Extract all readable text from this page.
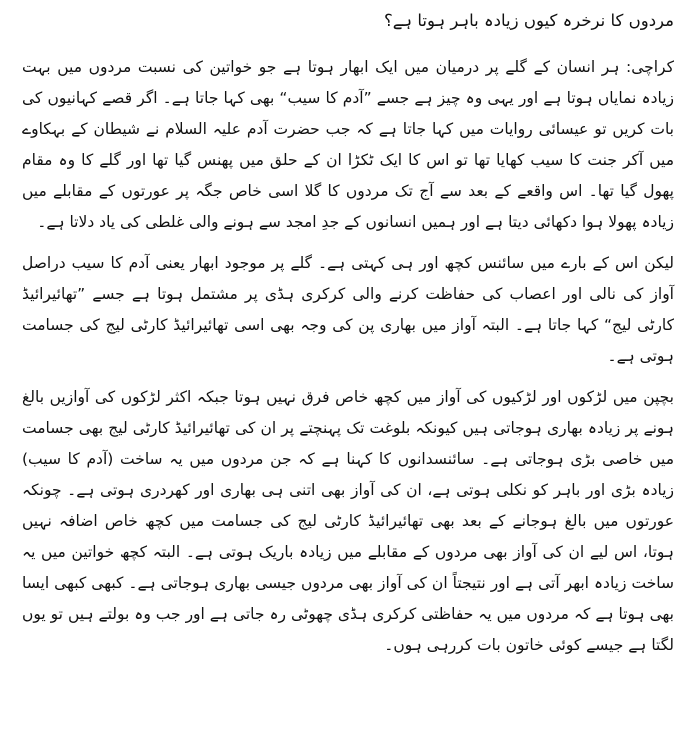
مردوں کا نرخرہ کیوں زیادہ باہر ہوتا ہے؟

کراچی: ہر انسان کے گلے پر درمیان میں ایک ابھار ہوتا ہے جو خواتین کی نسبت مردوں میں بہت زیادہ نمایاں ہوتا ہے اور یہی وہ چیز ہے جسے ”آدم کا سیب“ بھی کہا جاتا ہے۔ اگر قصے کہانیوں کی بات کریں تو عیسائی روایات میں کہا جاتا ہے کہ جب حضرت آدم علیہ السلام نے شیطان کے بہکاوے میں آکر جنت کا سیب کھایا تھا تو اس کا ایک ٹکڑا ان کے حلق میں پھنس گیا تھا اور گلے کا وہ مقام پھول گیا تھا۔ اس واقعے کے بعد سے آج تک مردوں کا گلا اسی خاص جگہ پر عورتوں کے مقابلے میں زیادہ پھولا ہوا دکھائی دیتا ہے اور ہمیں انسانوں کے جدِ امجد سے ہونے والی غلطی کی یاد دلاتا ہے۔

لیکن اس کے بارے میں سائنس کچھ اور ہی کہتی ہے۔ گلے پر موجود ابھار یعنی آدم کا سیب دراصل آواز کی نالی اور اعصاب کی حفاظت کرنے والی کرکری ہڈی پر مشتمل ہوتا ہے جسے ”تھائیرائیڈ کارٹی لیج“ کہا جاتا ہے۔ البتہ آواز میں بھاری پن کی وجہ بھی اسی تھائیرائیڈ کارٹی لیج کی جسامت ہوتی ہے۔

بچپن میں لڑکوں اور لڑکیوں کی آواز میں کچھ خاص فرق نہیں ہوتا جبکہ اکثر لڑکوں کی آوازیں بالغ ہونے پر زیادہ بھاری ہوجاتی ہیں کیونکہ بلوغت تک پہنچتے پر ان کی تھائیرائیڈ کارٹی لیج بھی جسامت میں خاصی بڑی ہوجاتی ہے۔ سائنسدانوں کا کہنا ہے کہ جن مردوں میں یہ ساخت (آدم کا سیب) زیادہ بڑی اور باہر کو نکلی ہوتی ہے، ان کی آواز بھی اتنی ہی بھاری اور کھردری ہوتی ہے۔ چونکہ عورتوں میں بالغ ہوجانے کے بعد بھی تھائیرائیڈ کارٹی لیج کی جسامت میں کچھ خاص اضافہ نہیں ہوتا، اس لیے ان کی آواز بھی مردوں کے مقابلے میں زیادہ باریک ہوتی ہے۔ البتہ کچھ خواتین میں یہ ساخت زیادہ ابھر آتی ہے اور نتیجتاً ان کی آواز بھی مردوں جیسی بھاری ہوجاتی ہے۔ کبھی کبھی ایسا بھی ہوتا ہے کہ مردوں میں یہ حفاظتی کرکری ہڈی چھوٹی رہ جاتی ہے اور جب وہ بولتے ہیں تو یوں لگتا ہے جیسے کوئی خاتون بات کررہی ہوں۔
